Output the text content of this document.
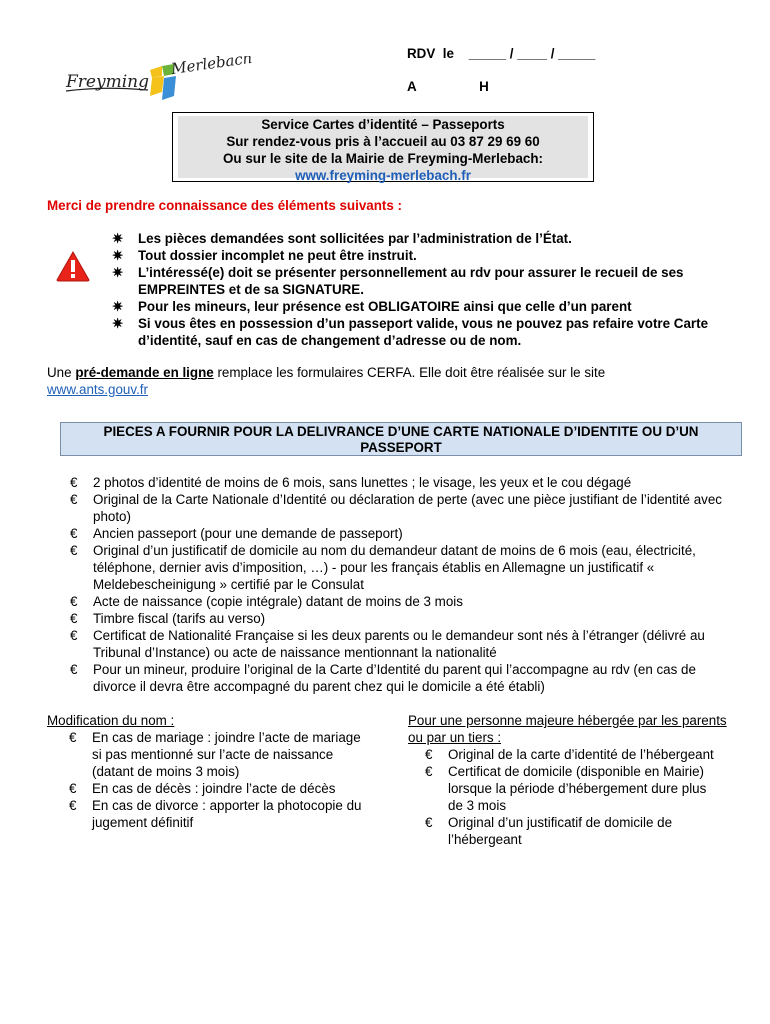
Freyming
Merlebach	RDV le _____ / ____ / _____
A	H
Service Cartes d’identité – Passeports
Sur rendez-vous pris à l’accueil au 03 87 29 69 60
Ou sur le site de la Mairie de Freyming-Merlebach:
www.freyming-merlebach.fr
Merci de prendre connaissance des éléments suivants :
✷ Les pièces demandées sont sollicitées par l’administration de l’État.
✷ Tout dossier incomplet ne peut être instruit.
✷ L’intéressé(e) doit se présenter personnellement au rdv pour assurer le recueil de ses EMPREINTES et de sa SIGNATURE.
✷ Pour les mineurs, leur présence est OBLIGATOIRE ainsi que celle d’un parent
✷ Si vous êtes en possession d’un passeport valide, vous ne pouvez pas refaire votre Carte d’identité, sauf en cas de changement d’adresse ou de nom.
Une pré-demande en ligne remplace les formulaires CERFA. Elle doit être réalisée sur le site
www.ants.gouv.fr
PIECES A FOURNIR POUR LA DELIVRANCE D’UNE CARTE NATIONALE D’IDENTITE OU D’UN PASSEPORT
€ 2 photos d’identité de moins de 6 mois, sans lunettes ; le visage, les yeux et le cou dégagé
€ Original de la Carte Nationale d’Identité ou déclaration de perte (avec une pièce justifiant de l’identité avec photo)
€ Ancien passeport (pour une demande de passeport)
€ Original d’un justificatif de domicile au nom du demandeur datant de moins de 6 mois (eau, électricité, téléphone, dernier avis d’imposition, …) - pour les français établis en Allemagne un justificatif « Meldebescheinigung » certifié par le Consulat
€ Acte de naissance (copie intégrale) datant de moins de 3 mois
€ Timbre fiscal (tarifs au verso)
€ Certificat de Nationalité Française si les deux parents ou le demandeur sont nés à l’étranger (délivré au Tribunal d’Instance) ou acte de naissance mentionnant la nationalité
€ Pour un mineur, produire l’original de la Carte d’Identité du parent qui l’accompagne au rdv (en cas de divorce il devra être accompagné du parent chez qui le domicile a été établi)
Modification du nom :
€ En cas de mariage : joindre l’acte de mariage si pas mentionné sur l’acte de naissance (datant de moins 3 mois)
€ En cas de décès : joindre l’acte de décès
€ En cas de divorce : apporter la photocopie du jugement définitif
Pour une personne majeure hébergée par les parents ou par un tiers :
€ Original de la carte d’identité de l’hébergeant
€ Certificat de domicile (disponible en Mairie) lorsque la période d’hébergement dure plus de 3 mois
€ Original d’un justificatif de domicile de l’hébergeant
